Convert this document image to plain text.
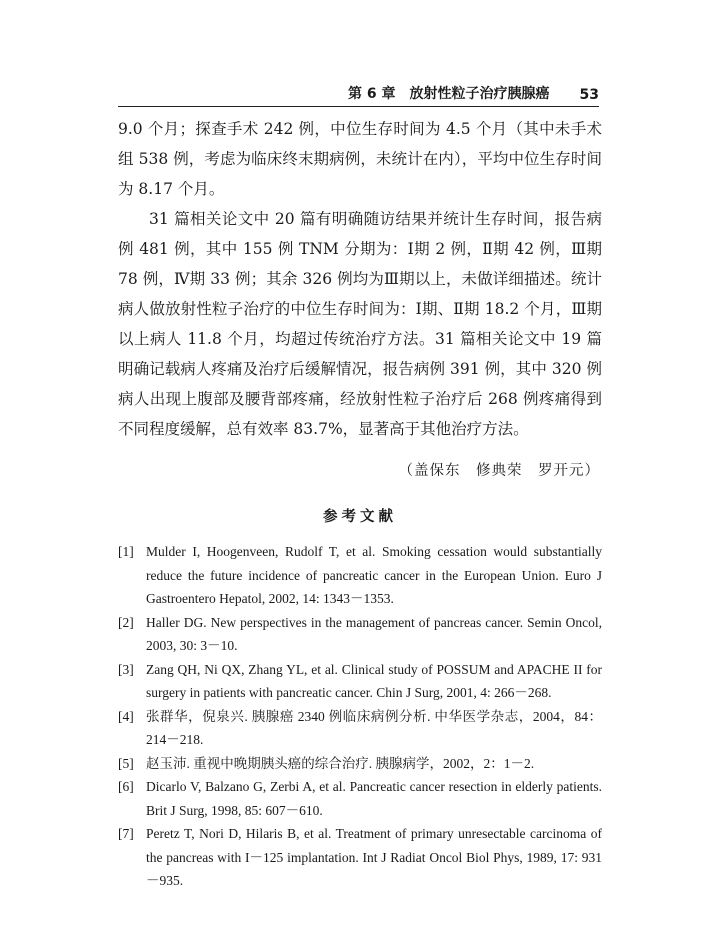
第 6 章　放射性粒子治疗胰腺癌 53

9.0 个月；探查手术 242 例，中位生存时间为 4.5 个月（其中未手术组 538 例，考虑为临床终末期病例，未统计在内），平均中位生存时间为 8.17 个月。

31 篇相关论文中 20 篇有明确随访结果并统计生存时间，报告病例 481 例，其中 155 例 TNM 分期为：Ⅰ期 2 例，Ⅱ期 42 例，Ⅲ期 78 例，Ⅳ期 33 例；其余 326 例均为Ⅲ期以上，未做详细描述。统计病人做放射性粒子治疗的中位生存时间为：Ⅰ期、Ⅱ期 18.2 个月，Ⅲ期以上病人 11.8 个月，均超过传统治疗方法。31 篇相关论文中 19 篇明确记载病人疼痛及治疗后缓解情况，报告病例 391 例，其中 320 例病人出现上腹部及腰背部疼痛，经放射性粒子治疗后 268 例疼痛得到不同程度缓解，总有效率 83.7%，显著高于其他治疗方法。

（盖保东　修典荣　罗开元）
参考文献
[1] Mulder I, Hoogenveen, Rudolf T, et al. Smoking cessation would substantially reduce the future incidence of pancreatic cancer in the European Union. Euro J Gastroentero Hepatol, 2002, 14: 1343－1353.
[2] Haller DG. New perspectives in the management of pancreas cancer. Semin Oncol, 2003, 30: 3－10.
[3] Zang QH, Ni QX, Zhang YL, et al. Clinical study of POSSUM and APACHE II for surgery in patients with pancreatic cancer. Chin J Surg, 2001, 4: 266－268.
[4] 张群华，倪泉兴. 胰腺癌 2340 例临床病例分析. 中华医学杂志，2004，84：214－218.
[5] 赵玉沛. 重视中晚期胰头癌的综合治疗. 胰腺病学，2002，2：1－2.
[6] Dicarlo V, Balzano G, Zerbi A, et al. Pancreatic cancer resection in elderly patients. Brit J Surg, 1998, 85: 607－610.
[7] Peretz T, Nori D, Hilaris B, et al. Treatment of primary unresectable carcinoma of the pancreas with I－125 implantation. Int J Radiat Oncol Biol Phys, 1989, 17: 931－935.
